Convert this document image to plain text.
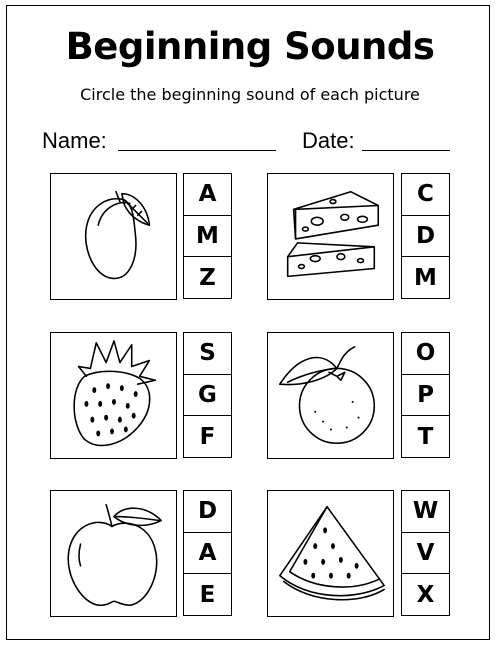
Beginning Sounds
Circle the beginning sound of each picture
Name:	Date:
A
M
Z
C
D
M
S
G
F
O
P
T
D
A
E
W
V
X
